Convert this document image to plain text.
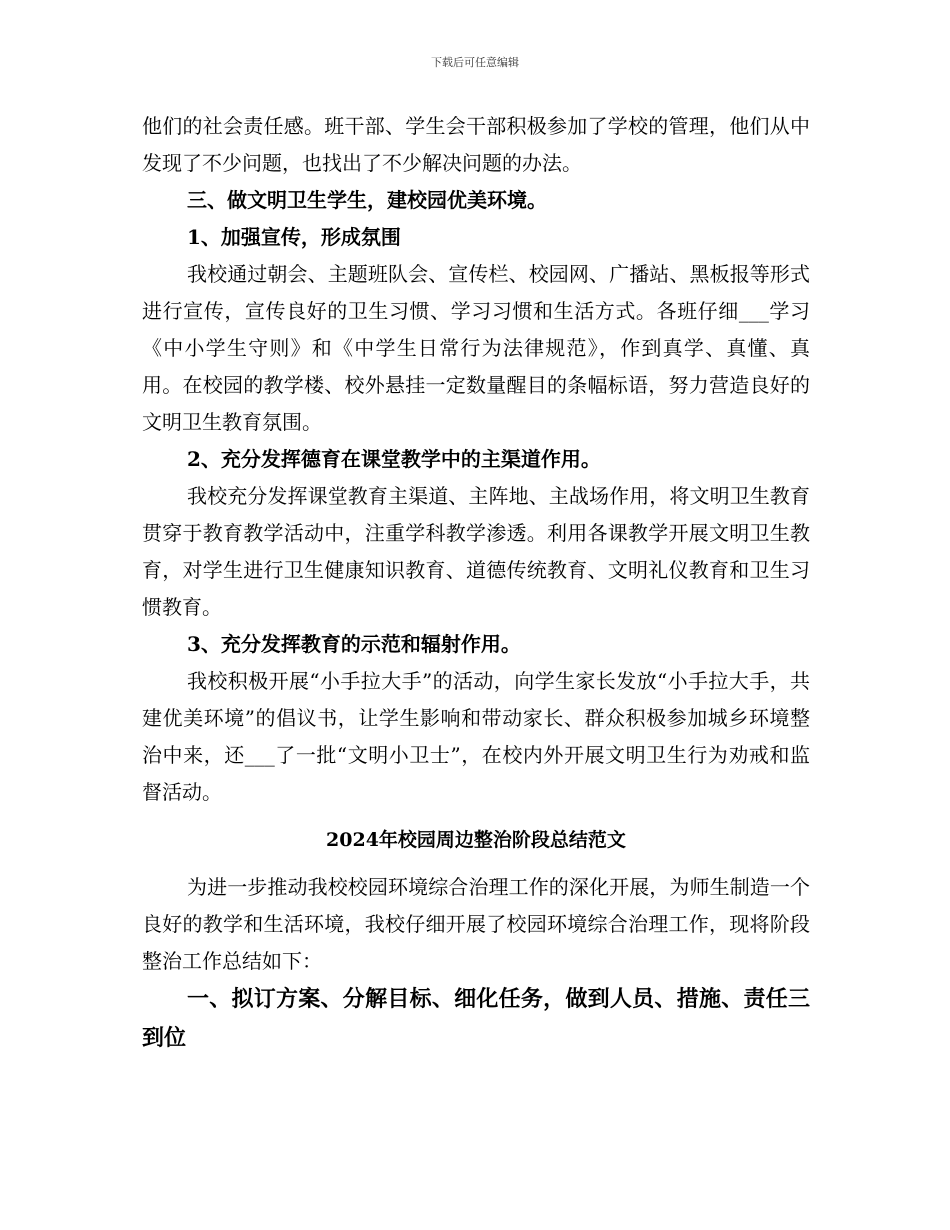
下载后可任意编辑

他们的社会责任感。班干部、学生会干部积极参加了学校的管理，他们从中发现了不少问题，也找出了不少解决问题的办法。

三、做文明卫生学生，建校园优美环境。

1、加强宣传，形成氛围

我校通过朝会、主题班队会、宣传栏、校园网、广播站、黑板报等形式进行宣传，宣传良好的卫生习惯、学习习惯和生活方式。各班仔细___学习《中小学生守则》和《中学生日常行为法律规范》，作到真学、真懂、真用。在校园的教学楼、校外悬挂一定数量醒目的条幅标语，努力营造良好的文明卫生教育氛围。

2、充分发挥德育在课堂教学中的主渠道作用。

我校充分发挥课堂教育主渠道、主阵地、主战场作用，将文明卫生教育贯穿于教育教学活动中，注重学科教学渗透。利用各课教学开展文明卫生教育，对学生进行卫生健康知识教育、道德传统教育、文明礼仪教育和卫生习惯教育。

3、充分发挥教育的示范和辐射作用。

我校积极开展“小手拉大手”的活动，向学生家长发放“小手拉大手，共建优美环境”的倡议书，让学生影响和带动家长、群众积极参加城乡环境整治中来，还___了一批“文明小卫士”，在校内外开展文明卫生行为劝戒和监督活动。

2024年校园周边整治阶段总结范文

为进一步推动我校校园环境综合治理工作的深化开展，为师生制造一个良好的教学和生活环境，我校仔细开展了校园环境综合治理工作，现将阶段整治工作总结如下：

一、拟订方案、分解目标、细化任务，做到人员、措施、责任三到位
